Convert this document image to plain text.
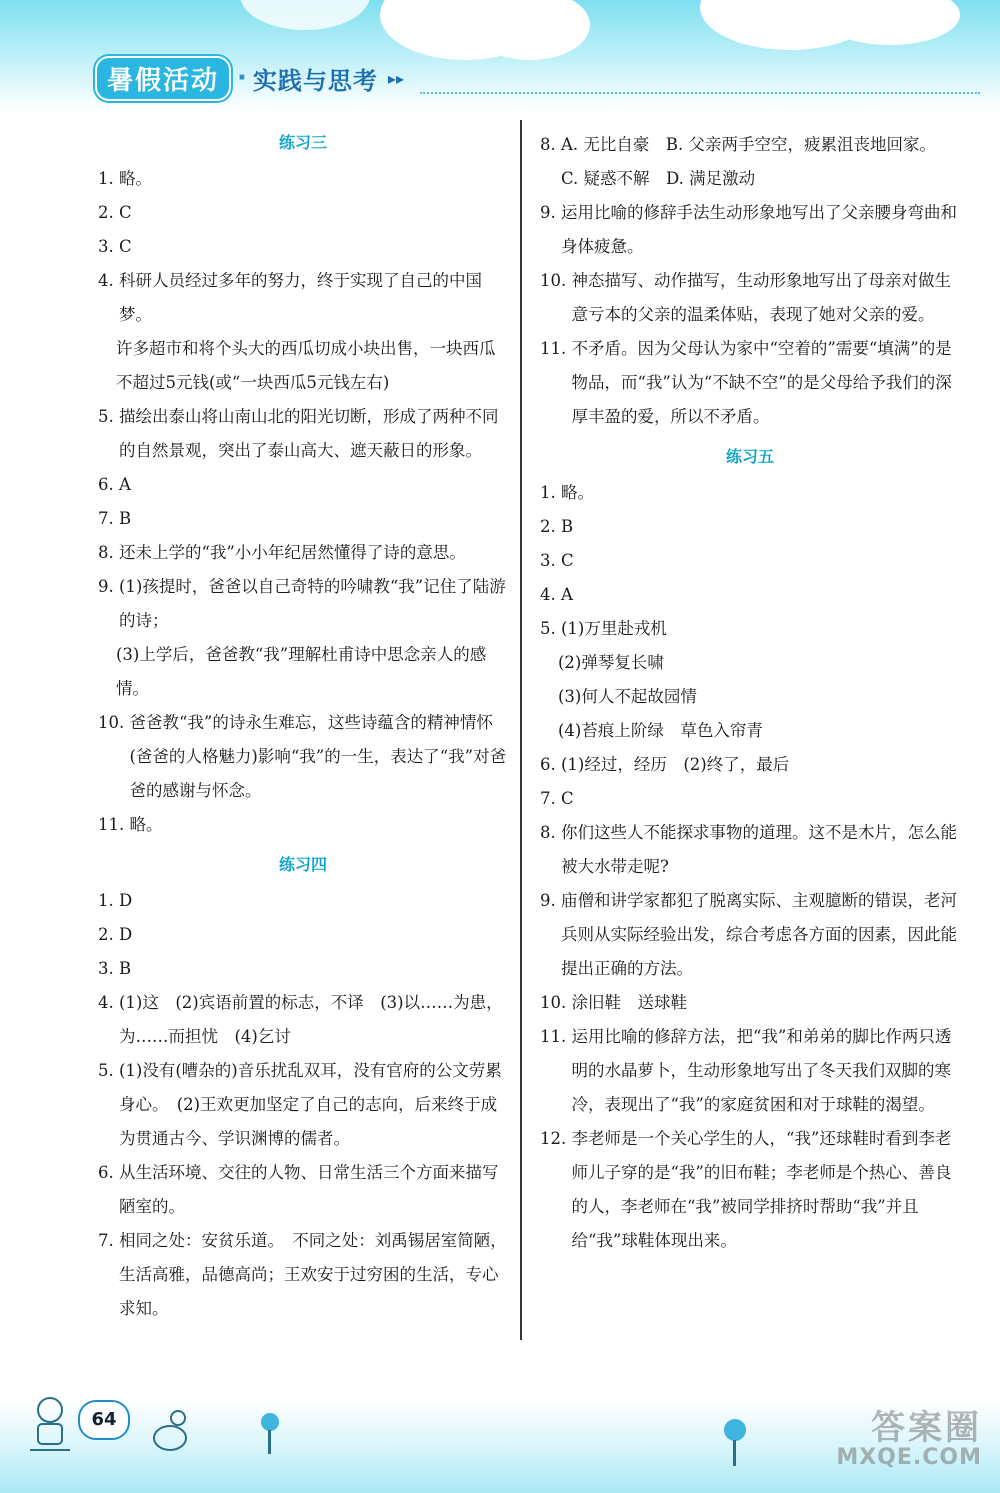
暑假活动 · 实践与思考 ▸▸
练习三
1. 略。
2. C
3. C
4. 科研人员经过多年的努力，终于实现了自己的中国梦。
许多超市和将个头大的西瓜切成小块出售，一块西瓜不超过5元钱(或“一块西瓜5元钱左右)
5. 描绘出泰山将山南山北的阳光切断，形成了两种不同的自然景观，突出了泰山高大、遮天蔽日的形象。
6. A
7. B
8. 还未上学的“我”小小年纪居然懂得了诗的意思。
9. (1)孩提时，爸爸以自己奇特的吟啸教“我”记住了陆游的诗；
(3)上学后，爸爸教“我”理解杜甫诗中思念亲人的感情。
10. 爸爸教“我”的诗永生难忘，这些诗蕴含的精神情怀(爸爸的人格魅力)影响“我”的一生，表达了“我”对爸爸的感谢与怀念。
11. 略。
练习四
1. D
2. D
3. B
4. (1)这　(2)宾语前置的标志，不译　(3)以……为患，为……而担忧　(4)乞讨
5. (1)没有(嘈杂的)音乐扰乱双耳，没有官府的公文劳累身心。　(2)王欢更加坚定了自己的志向，后来终于成为贯通古今、学识渊博的儒者。
6. 从生活环境、交往的人物、日常生活三个方面来描写陋室的。
7. 相同之处：安贫乐道。　不同之处：刘禹锡居室简陋，生活高雅，品德高尚；王欢安于过穷困的生活，专心求知。
8. A. 无比自豪　B. 父亲两手空空，疲累沮丧地回家。　C. 疑惑不解　D. 满足激动
9. 运用比喻的修辞手法生动形象地写出了父亲腰身弯曲和身体疲惫。
10. 神态描写、动作描写，生动形象地写出了母亲对做生意亏本的父亲的温柔体贴，表现了她对父亲的爱。
11. 不矛盾。因为父母认为家中“空着的”需要“填满”的是物品，而“我”认为“不缺不空”的是父母给予我们的深厚丰盈的爱，所以不矛盾。
练习五
1. 略。
2. B
3. C
4. A
5. (1)万里赴戎机
(2)弹琴复长啸
(3)何人不起故园情
(4)苔痕上阶绿　草色入帘青
6. (1)经过，经历　(2)终了，最后
7. C
8. 你们这些人不能探求事物的道理。这不是木片，怎么能被大水带走呢?
9. 庙僧和讲学家都犯了脱离实际、主观臆断的错误，老河兵则从实际经验出发，综合考虑各方面的因素，因此能提出正确的方法。
10. 涂旧鞋　送球鞋
11. 运用比喻的修辞方法，把“我”和弟弟的脚比作两只透明的水晶萝卜，生动形象地写出了冬天我们双脚的寒冷，表现出了“我”的家庭贫困和对于球鞋的渴望。
12. 李老师是一个关心学生的人，“我”还球鞋时看到李老师儿子穿的是“我”的旧布鞋；李老师是个热心、善良的人，李老师在“我”被同学排挤时帮助“我”并且给“我”球鞋体现出来。
64	答案圈
MXQE.COM
